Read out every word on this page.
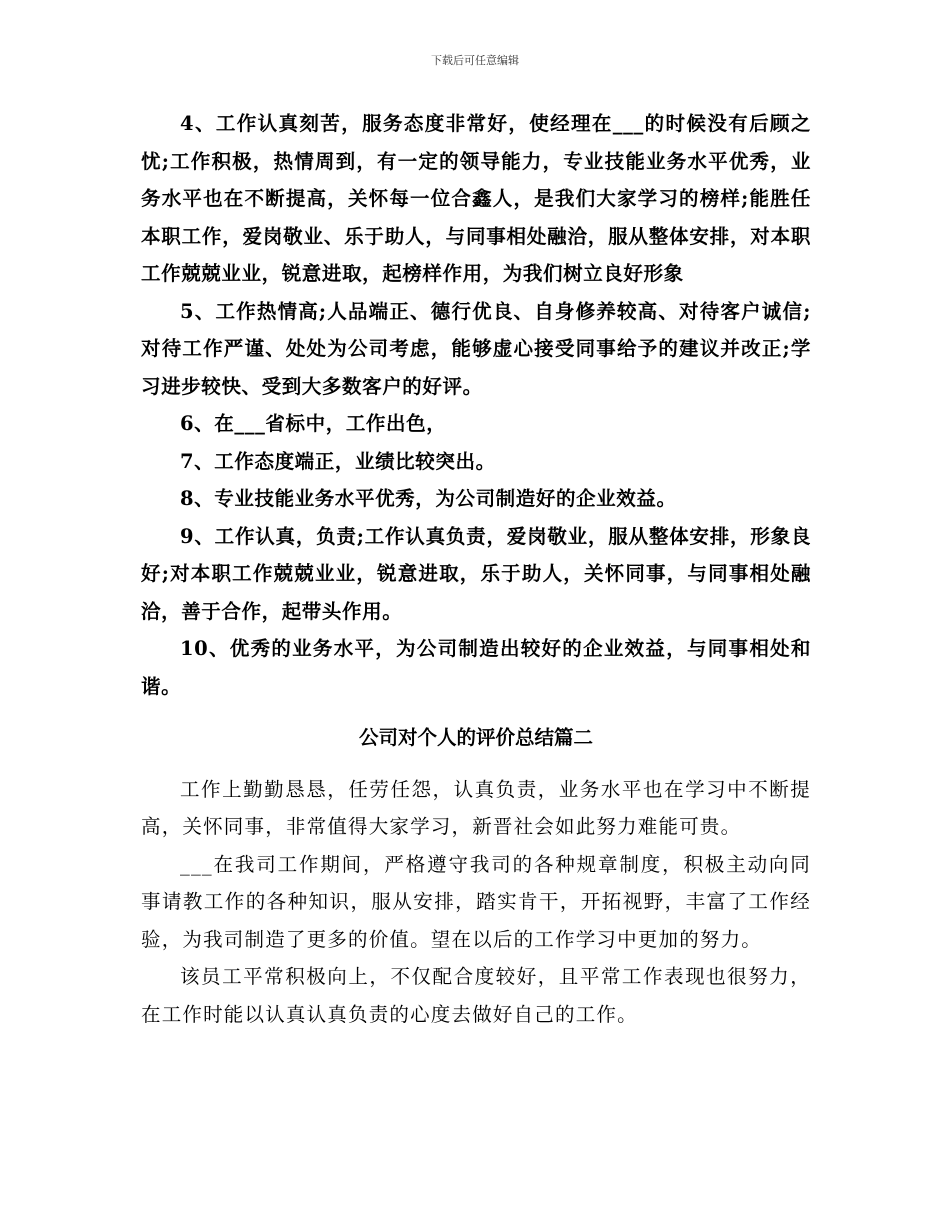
下载后可任意编辑

4、工作认真刻苦，服务态度非常好，使经理在___的时候没有后顾之忧;工作积极，热情周到，有一定的领导能力，专业技能业务水平优秀，业务水平也在不断提高，关怀每一位合鑫人，是我们大家学习的榜样;能胜任本职工作，爱岗敬业、乐于助人，与同事相处融洽，服从整体安排，对本职工作兢兢业业，锐意进取，起榜样作用，为我们树立良好形象

5、工作热情高;人品端正、德行优良、自身修养较高、对待客户诚信;对待工作严谨、处处为公司考虑，能够虚心接受同事给予的建议并改正;学习进步较快、受到大多数客户的好评。

6、在___省标中，工作出色，

7、工作态度端正，业绩比较突出。

8、专业技能业务水平优秀，为公司制造好的企业效益。

9、工作认真，负责;工作认真负责，爱岗敬业，服从整体安排，形象良好;对本职工作兢兢业业，锐意进取，乐于助人，关怀同事，与同事相处融洽，善于合作，起带头作用。

10、优秀的业务水平，为公司制造出较好的企业效益，与同事相处和谐。

公司对个人的评价总结篇二

工作上勤勤恳恳，任劳任怨，认真负责，业务水平也在学习中不断提高，关怀同事，非常值得大家学习，新晋社会如此努力难能可贵。

___在我司工作期间，严格遵守我司的各种规章制度，积极主动向同事请教工作的各种知识，服从安排，踏实肯干，开拓视野，丰富了工作经验，为我司制造了更多的价值。望在以后的工作学习中更加的努力。

该员工平常积极向上，不仅配合度较好，且平常工作表现也很努力，在工作时能以认真认真负责的心度去做好自己的工作。
